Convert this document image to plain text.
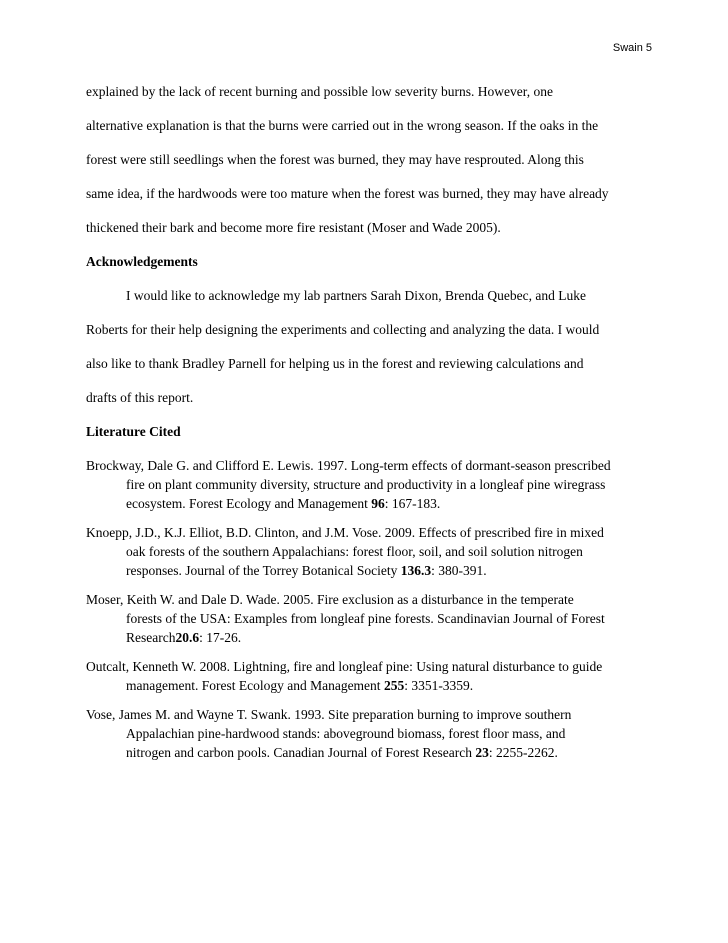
Swain 5
explained by the lack of recent burning and possible low severity burns. However, one
alternative explanation is that the burns were carried out in the wrong season. If the oaks in the
forest were still seedlings when the forest was burned, they may have resprouted. Along this
same idea, if the hardwoods were too mature when the forest was burned, they may have already
thickened their bark and become more fire resistant (Moser and Wade 2005).
Acknowledgements
I would like to acknowledge my lab partners Sarah Dixon, Brenda Quebec, and Luke
Roberts for their help designing the experiments and collecting and analyzing the data. I would
also like to thank Bradley Parnell for helping us in the forest and reviewing calculations and
drafts of this report.
Literature Cited
Brockway, Dale G. and Clifford E. Lewis. 1997. Long-term effects of dormant-season prescribed
fire on plant community diversity, structure and productivity in a longleaf pine wiregrass
ecosystem. Forest Ecology and Management 96: 167-183.
Knoepp, J.D., K.J. Elliot, B.D. Clinton, and J.M. Vose. 2009. Effects of prescribed fire in mixed
oak forests of the southern Appalachians: forest floor, soil, and soil solution nitrogen
responses. Journal of the Torrey Botanical Society 136.3: 380-391.
Moser, Keith W. and Dale D. Wade. 2005. Fire exclusion as a disturbance in the temperate
forests of the USA: Examples from longleaf pine forests. Scandinavian Journal of Forest
Research20.6: 17-26.
Outcalt, Kenneth W. 2008. Lightning, fire and longleaf pine: Using natural disturbance to guide
management. Forest Ecology and Management 255: 3351-3359.
Vose, James M. and Wayne T. Swank. 1993. Site preparation burning to improve southern
Appalachian pine-hardwood stands: aboveground biomass, forest floor mass, and
nitrogen and carbon pools. Canadian Journal of Forest Research 23: 2255-2262.
